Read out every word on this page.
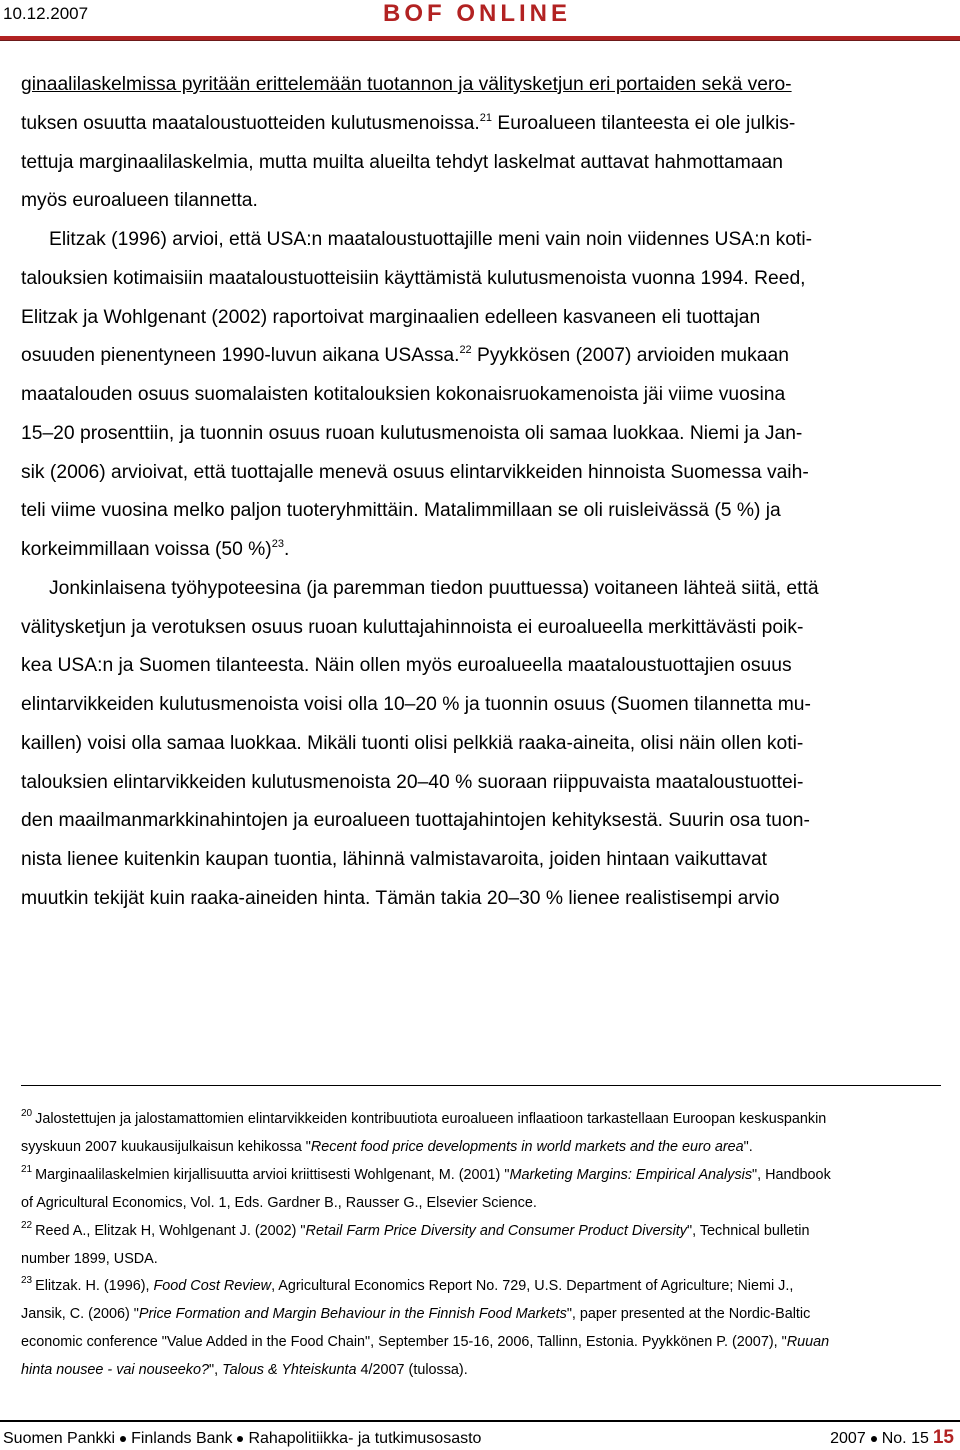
10.12.2007	BOF ONLINE
ginaalilaskelmissa pyritään erittelemään tuotannon ja välitysketjun eri portaiden sekä vero-
tuksen osuutta maataloustuotteiden kulutusmenoissa.$^{21}$ Euroalueen tilanteesta ei ole julkis-
tettuja marginaalilaskelmia, mutta muilta alueilta tehdyt laskelmat auttavat hahmottamaan
myös euroalueen tilannetta.
Elitzak (1996) arvioi, että USA:n maataloustuottajille meni vain noin viidennes USA:n koti-
talouksien kotimaisiin maataloustuotteisiin käyttämistä kulutusmenoista vuonna 1994. Reed,
Elitzak ja Wohlgenant (2002) raportoivat marginaalien edelleen kasvaneen eli tuottajan
osuuden pienentyneen 1990-luvun aikana USAssa.$^{22}$ Pyykkösen (2007) arvioiden mukaan
maatalouden osuus suomalaisten kotitalouksien kokonaisruokamenoista jäi viime vuosina
15–20 prosenttiin, ja tuonnin osuus ruoan kulutusmenoista oli samaa luokkaa. Niemi ja Jan-
sik (2006) arvioivat, että tuottajalle menevä osuus elintarvikkeiden hinnoista Suomessa vaih-
teli viime vuosina melko paljon tuoteryhmittäin. Matalimmillaan se oli ruisleivässä (5 %) ja
korkeimmillaan voissa (50 %)$^{23}$.
Jonkinlaisena työhypoteesina (ja paremman tiedon puuttuessa) voitaneen lähteä siitä, että
välitysketjun ja verotuksen osuus ruoan kuluttajahinnoista ei euroalueella merkittävästi poik-
kea USA:n ja Suomen tilanteesta. Näin ollen myös euroalueella maataloustuottajien osuus
elintarvikkeiden kulutusmenoista voisi olla 10–20 % ja tuonnin osuus (Suomen tilannetta mu-
kaillen) voisi olla samaa luokkaa. Mikäli tuonti olisi pelkkiä raaka-aineita, olisi näin ollen koti-
talouksien elintarvikkeiden kulutusmenoista 20–40 % suoraan riippuvaista maataloustuottei-
den maailmanmarkkinahintojen ja euroalueen tuottajahintojen kehityksestä. Suurin osa tuon-
nista lienee kuitenkin kaupan tuontia, lähinnä valmistavaroita, joiden hintaan vaikuttavat
muutkin tekijät kuin raaka-aineiden hinta. Tämän takia 20–30 % lienee realistisempi arvio
$^{20}$ Jalostettujen ja jalostamattomien elintarvikkeiden kontribuutiota euroalueen inflaatioon tarkastellaan Euroopan keskuspankin
syyskuun 2007 kuukausijulkaisun kehikossa "Recent food price developments in world markets and the euro area".
$^{21}$ Marginaalilaskelmien kirjallisuutta arvioi kriittisesti Wohlgenant, M. (2001) "Marketing Margins: Empirical Analysis", Handbook
of Agricultural Economics, Vol. 1, Eds. Gardner B., Rausser G., Elsevier Science.
$^{22}$ Reed A., Elitzak H, Wohlgenant J. (2002) "Retail Farm Price Diversity and Consumer Product Diversity", Technical bulletin
number 1899, USDA.
$^{23}$ Elitzak. H. (1996), Food Cost Review, Agricultural Economics Report No. 729, U.S. Department of Agriculture; Niemi J.,
Jansik, C. (2006) "Price Formation and Margin Behaviour in the Finnish Food Markets", paper presented at the Nordic-Baltic
economic conference "Value Added in the Food Chain", September 15-16, 2006, Tallinn, Estonia. Pyykkönen P. (2007), "Ruuan
hinta nousee - vai nouseeko?", Talous & Yhteiskunta 4/2007 (tulossa).
Suomen Pankki Finlands Bank Rahapolitiikka- ja tutkimusosasto	2007 No. 15 15
